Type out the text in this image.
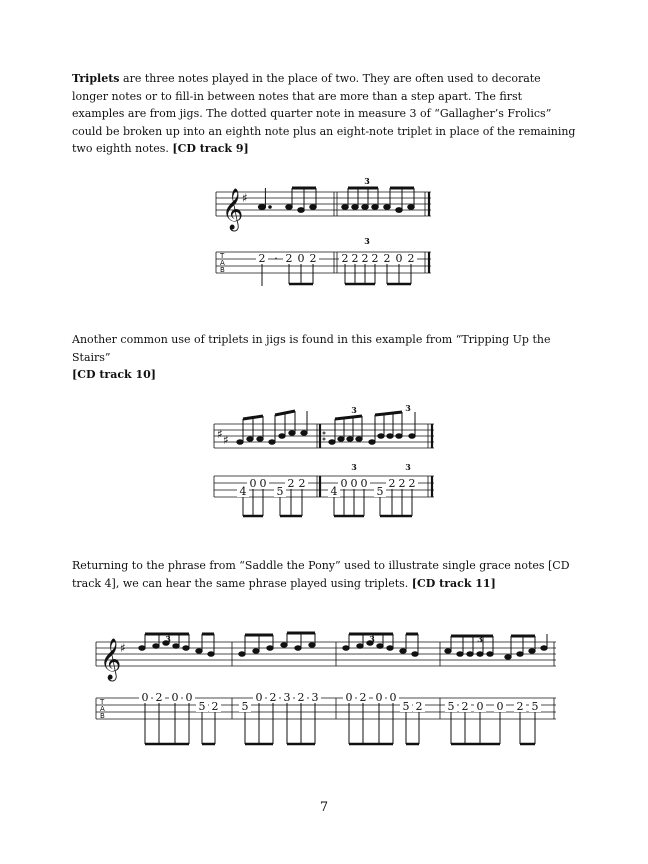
Triplets are three notes played in the place of two. They are often used to decorate longer notes or to fill-in between notes that are more than a step apart. The first examples are from jigs. The dotted quarter note in measure 3 of “Gallagher’s Frolics” could be broken up into an eighth note plus an eight-note triplet in place of the remaining two eighth notes. [CD track 9]

𝄞
♯
3
3
T
A
B
2 · 2 0 2 2 2 2 2 2 0 2

Another common use of triplets in jigs is found in this example from “Tripping Up the Stairs”
[CD track 10]

♯ ♯
3	3
3	3
4
0 0
5
2 2
4
0 0 0
5
2 2 2

Returning to the phrase from “Saddle the Pony” used to illustrate single grace notes [CD track 4], we can hear the same phrase played using triplets. [CD track 11]

𝄞
♯
3	3	3
T
A
B
0 2 0 0
5 2 5
0 2 3 2 3 0 2 0 0
5 2 5 2 0 0 2 5
7
